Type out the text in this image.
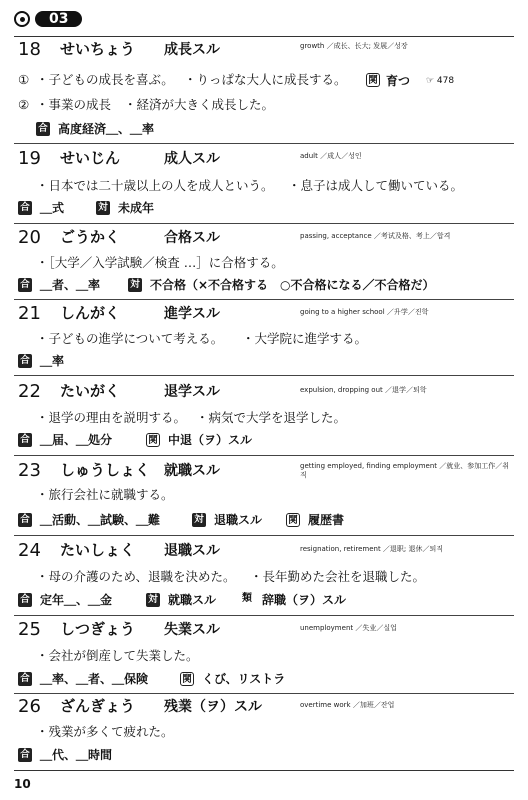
03
18 せいちょう 成長スル	growth ／成长、长大; 发展／성장
① ・子どもの成長を喜ぶ。 ・りっぱな大人に成長する。 関 育つ ☞ 478
② ・事業の成長 ・経済が大きく成長した。
合 高度経済＿、＿率
19 せいじん	成人スル	adult ／成人／성인
・日本では二十歳以上の人を成人という。 ・息子は成人して働いている。
合 ＿式	対 未成年
20 ごうかく	合格スル	passing, acceptance ／考试及格、考上／합격
・［大学／入学試験／検査 …］に合格する。
合 ＿者、＿率	対 不合格（×不合格する　○不合格になる／不合格だ）
21 しんがく	進学スル	going to a higher school ／升学／진학
・子どもの進学について考える。 ・大学院に進学する。
合 ＿率
22 たいがく	退学スル	expulsion, dropping out ／退学／퇴학
・退学の理由を説明する。 ・病気で大学を退学した。
合 ＿届、＿処分	関 中退（ヲ）スル
23 しゅうしょく 就職スル	getting employed, finding employment ／就业、参加工作／취직
・旅行会社に就職する。
合 ＿活動、＿試験、＿難	対 退職スル	関 履歴書
24 たいしょく 退職スル	resignation, retirement ／退职; 退休／퇴직
・母の介護のため、退職を決めた。 ・長年勤めた会社を退職した。
合 定年＿、＿金	対 就職スル	類 辞職（ヲ）スル
25 しつぎょう 失業スル	unemployment ／失业／실업
・会社が倒産して失業した。
合 ＿率、＿者、＿保険	関 くび、リストラ
26 ざんぎょう 残業（ヲ）スル	overtime work ／加班／잔업
・残業が多くて疲れた。
合 ＿代、＿時間
10
